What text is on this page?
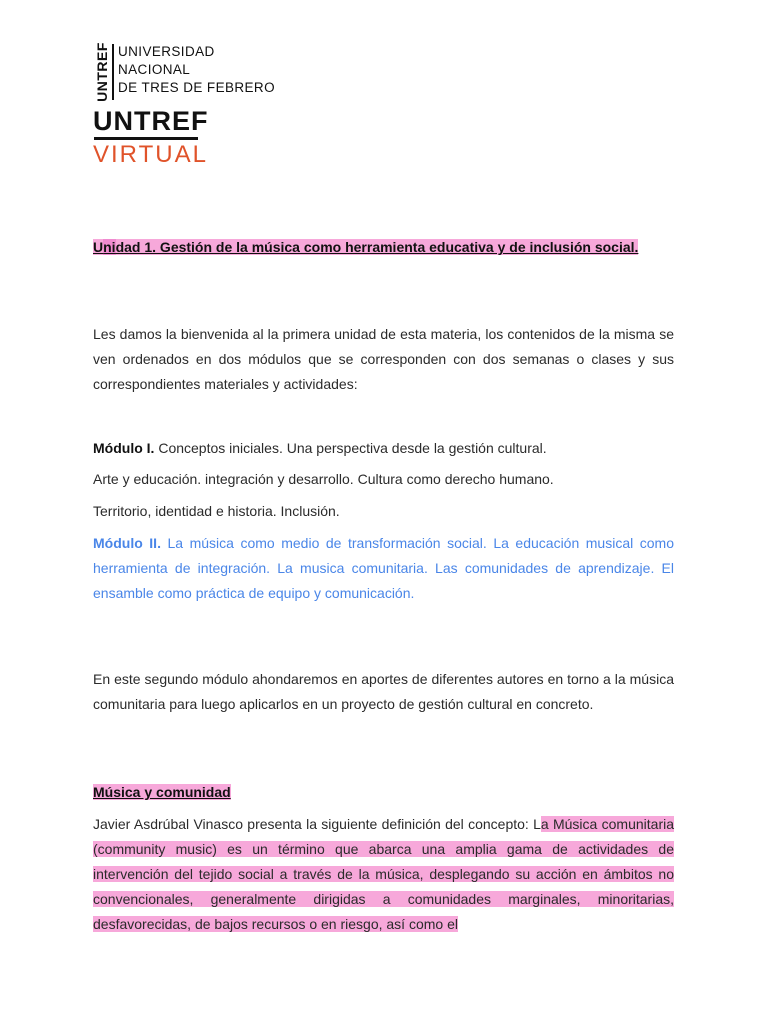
UNTREF UNIVERSIDAD
NACIONAL
DE TRES DE FEBRERO
UNTREF
VIRTUAL
Unidad 1. Gestión de la música como herramienta educativa y de inclusión social.
Les damos la bienvenida al la primera unidad de esta materia, los contenidos de la misma se ven ordenados en dos módulos que se corresponden con dos semanas o clases y sus correspondientes materiales y actividades:
Módulo I. Conceptos iniciales. Una perspectiva desde la gestión cultural.
Arte y educación. integración y desarrollo. Cultura como derecho humano.
Territorio, identidad e historia. Inclusión.
Módulo II. La música como medio de transformación social. La educación musical como herramienta de integración. La musica comunitaria. Las comunidades de aprendizaje. El ensamble como práctica de equipo y comunicación.
En este segundo módulo ahondaremos en aportes de diferentes autores en torno a la música comunitaria para luego aplicarlos en un proyecto de gestión cultural en concreto.
Música y comunidad
Javier Asdrúbal Vinasco presenta la siguiente definición del concepto: La Música comunitaria (community music) es un término que abarca una amplia gama de actividades de intervención del tejido social a través de la música, desplegando su acción en ámbitos no convencionales, generalmente dirigidas a comunidades marginales, minoritarias, desfavorecidas, de bajos recursos o en riesgo, así como el
